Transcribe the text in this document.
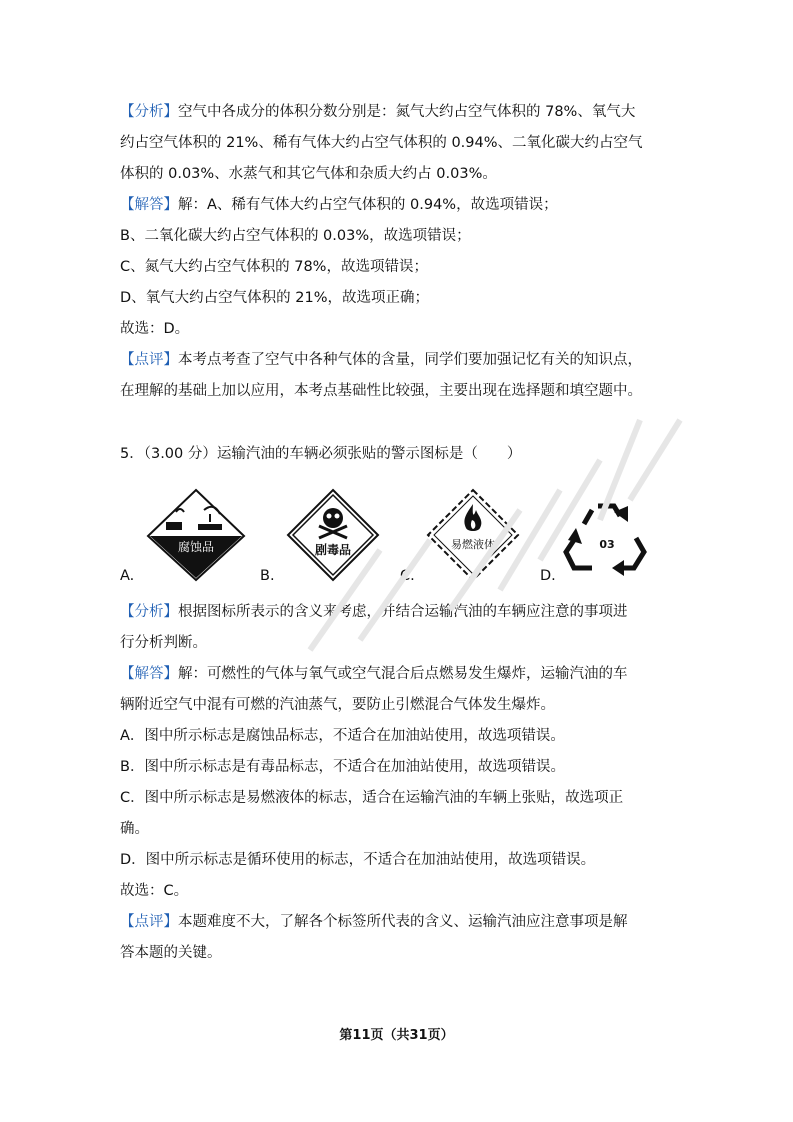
【分析】空气中各成分的体积分数分别是：氮气大约占空气体积的 78%、氧气大
约占空气体积的 21%、稀有气体大约占空气体积的 0.94%、二氧化碳大约占空气
体积的 0.03%、水蒸气和其它气体和杂质大约占 0.03%。
【解答】解：A、稀有气体大约占空气体积的 0.94%，故选项错误；
B、二氧化碳大约占空气体积的 0.03%，故选项错误；
C、氮气大约占空气体积的 78%，故选项错误；
D、氧气大约占空气体积的 21%，故选项正确；
故选：D。
【点评】本考点考查了空气中各种气体的含量，同学们要加强记忆有关的知识点，
在理解的基础上加以应用，本考点基础性比较强，主要出现在选择题和填空题中。
5．（3.00 分）运输汽油的车辆必须张贴的警示图标是（　　）
A.
腐蚀品
B.
剧毒品
C.
易燃液体
D.
03
【分析】根据图标所表示的含义来考虑，并结合运输汽油的车辆应注意的事项进
行分析判断。
【解答】解：可燃性的气体与氧气或空气混合后点燃易发生爆炸，运输汽油的车
辆附近空气中混有可燃的汽油蒸气，要防止引燃混合气体发生爆炸。
A．图中所示标志是腐蚀品标志，不适合在加油站使用，故选项错误。
B．图中所示标志是有毒品标志，不适合在加油站使用，故选项错误。
C．图中所示标志是易燃液体的标志，适合在运输汽油的车辆上张贴，故选项正
确。
D．图中所示标志是循环使用的标志，不适合在加油站使用，故选项错误。
故选：C。
【点评】本题难度不大，了解各个标签所代表的含义、运输汽油应注意事项是解
答本题的关键。
第11页（共31页）
